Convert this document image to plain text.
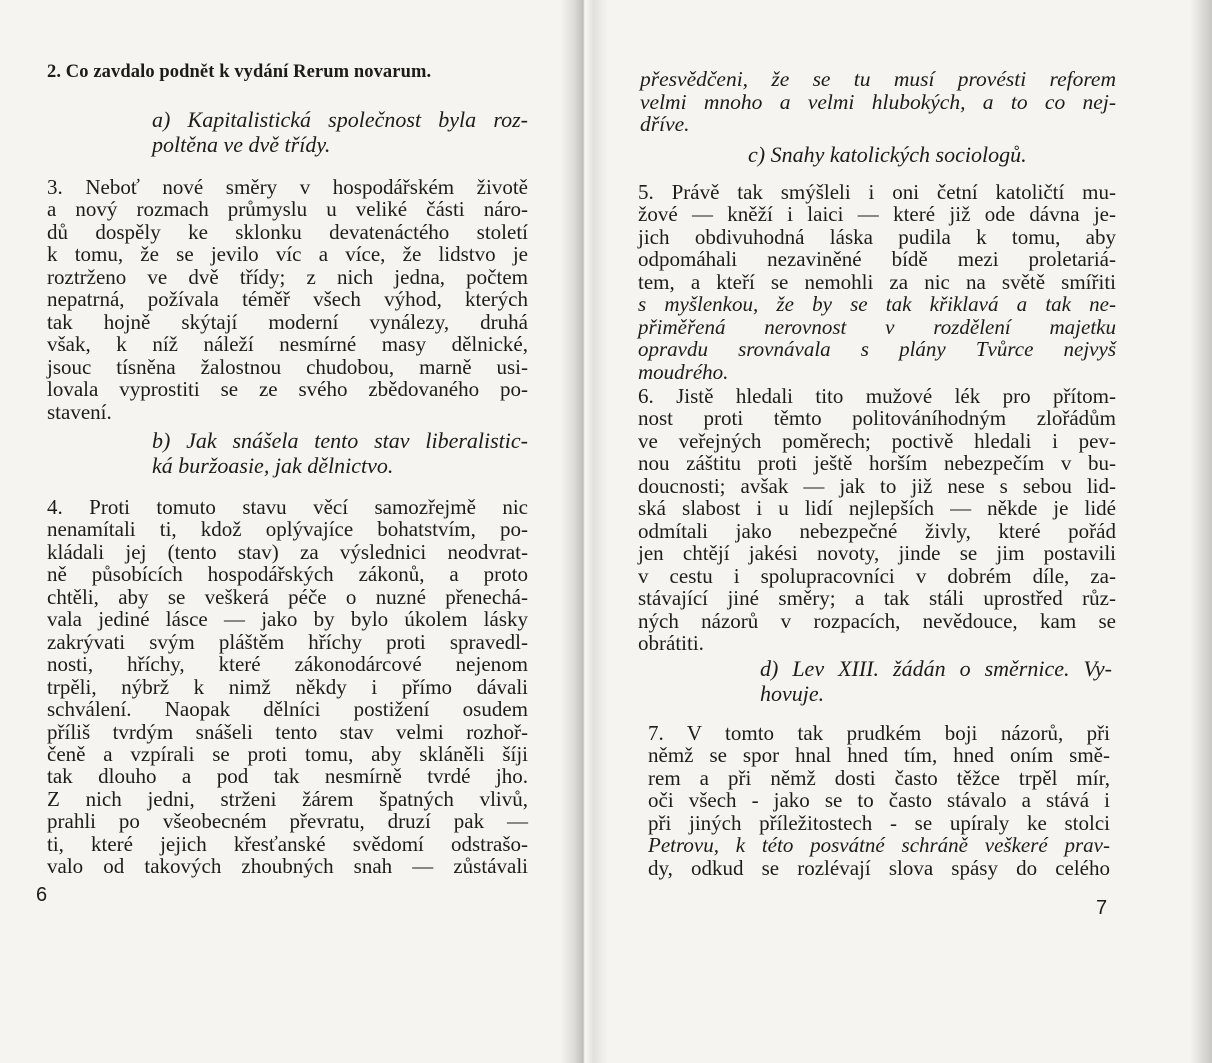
2. Co zavdalo podnět k vydání Rerum novarum.
a) Kapitalistická společnost byla roz-
poltěna ve dvě třídy.
3. Neboť nové směry v hospodářském životě
a nový rozmach průmyslu u veliké části náro-
dů dospěly ke sklonku devatenáctého století
k tomu, že se jevilo víc a více, že lidstvo je
roztrženo ve dvě třídy; z nich jedna, počtem
nepatrná, požívala téměř všech výhod, kterých
tak hojně skýtají moderní vynálezy, druhá
však, k níž náleží nesmírné masy dělnické,
jsouc tísněna žalostnou chudobou, marně usi-
lovala vyprostiti se ze svého zbědovaného po-
stavení.
b) Jak snášela tento stav liberalistic-
ká buržoasie, jak dělnictvo.
4. Proti tomuto stavu věcí samozřejmě nic
nenamítali ti, kdož oplývajíce bohatstvím, po-
kládali jej (tento stav) za výslednici neodvrat-
ně působících hospodářských zákonů, a proto
chtěli, aby se veškerá péče o nuzné přenechá-
vala jediné lásce — jako by bylo úkolem lásky
zakrývati svým pláštěm hříchy proti spravedl-
nosti, hříchy, které zákonodárcové nejenom
trpěli, nýbrž k nimž někdy i přímo dávali
schválení. Naopak dělníci postižení osudem
příliš tvrdým snášeli tento stav velmi rozhoř-
čeně a vzpírali se proti tomu, aby skláněli šíji
tak dlouho a pod tak nesmírně tvrdé jho.
Z nich jedni, strženi žárem špatných vlivů,
prahli po všeobecném převratu, druzí pak —
ti, které jejich křesťanské svědomí odstrašo-
valo od takových zhoubných snah — zůstávali

6

přesvědčeni, že se tu musí provésti reforem
velmi mnoho a velmi hlubokých, a to co nej-
dříve.

c) Snahy katolických sociologů.

5. Právě tak smýšleli i oni četní katoličtí mu-
žové — kněží i laici — které již ode dávna je-
jich obdivuhodná láska pudila k tomu, aby
odpomáhali nezaviněné bídě mezi proletariá-
tem, a kteří se nemohli za nic na světě smířiti
s myšlenkou, že by se tak křiklavá a tak ne-
přiměřená nerovnost v rozdělení majetku
opravdu srovnávala s plány Tvůrce nejvyš
moudrého.
6. Jistě hledali tito mužové lék pro přítom-
nost proti těmto politováníhodným zlořádům
ve veřejných poměrech; poctivě hledali i pev-
nou záštitu proti ještě horším nebezpečím v bu-
doucnosti; avšak — jak to již nese s sebou lid-
ská slabost i u lidí nejlepších — někde je lidé
odmítali jako nebezpečné živly, které pořád
jen chtějí jakési novoty, jinde se jim postavili
v cestu i spolupracovníci v dobrém díle, za-
stávající jiné směry; a tak stáli uprostřed růz-
ných názorů v rozpacích, nevědouce, kam se
obrátiti.
d) Lev XIII. žádán o směrnice. Vy-
hovuje.
7. V tomto tak prudkém boji názorů, při
němž se spor hnal hned tím, hned oním smě-
rem a při němž dosti často těžce trpěl mír,
oči všech - jako se to často stávalo a stává i
při jiných příležitostech - se upíraly ke stolci
Petrovu, k této posvátné schráně veškeré prav-
dy, odkud se rozlévají slova spásy do celého

7
